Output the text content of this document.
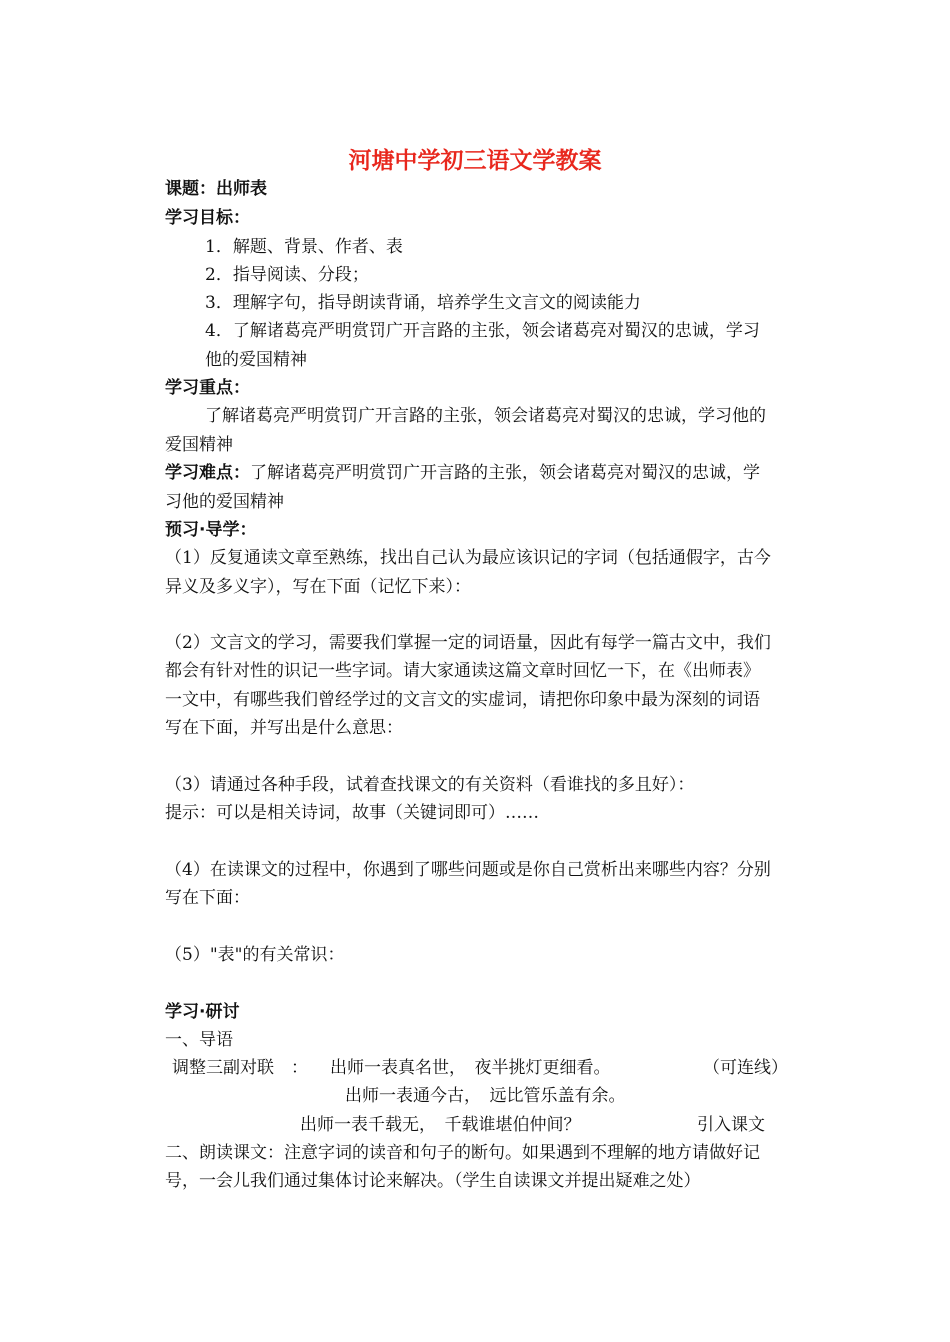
河塘中学初三语文学教案
课题：出师表
学习目标：
1．解题、背景、作者、表
2．指导阅读、分段；
3．理解字句，指导朗读背诵，培养学生文言文的阅读能力
4．了解诸葛亮严明赏罚广开言路的主张，领会诸葛亮对蜀汉的忠诚，学习
他的爱国精神
学习重点：
了解诸葛亮严明赏罚广开言路的主张，领会诸葛亮对蜀汉的忠诚，学习他的
爱国精神
学习难点：了解诸葛亮严明赏罚广开言路的主张，领会诸葛亮对蜀汉的忠诚，学
习他的爱国精神
预习·导学：
（1）反复通读文章至熟练，找出自己认为最应该识记的字词（包括通假字，古今
异义及多义字），写在下面（记忆下来）：
（2）文言文的学习，需要我们掌握一定的词语量，因此有每学一篇古文中，我们
都会有针对性的识记一些字词。请大家通读这篇文章时回忆一下，在《出师表》
一文中，有哪些我们曾经学过的文言文的实虚词，请把你印象中最为深刻的词语
写在下面，并写出是什么意思：
（3）请通过各种手段，试着查找课文的有关资料（看谁找的多且好）：
提示：可以是相关诗词，故事（关键词即可）……
（4）在读课文的过程中，你遇到了哪些问题或是你自己赏析出来哪些内容？分别
写在下面：
（5）"表"的有关常识：
学习·研讨
一、导语
调整三副对联　： 出师一表真名世，　夜半挑灯更细看。	（可连线）
出师一表通今古，　远比管乐盖有余。
出师一表千载无，　千载谁堪伯仲间？	引入课文
二、朗读课文：注意字词的读音和句子的断句。如果遇到不理解的地方请做好记
号，一会儿我们通过集体讨论来解决。（学生自读课文并提出疑难之处）
